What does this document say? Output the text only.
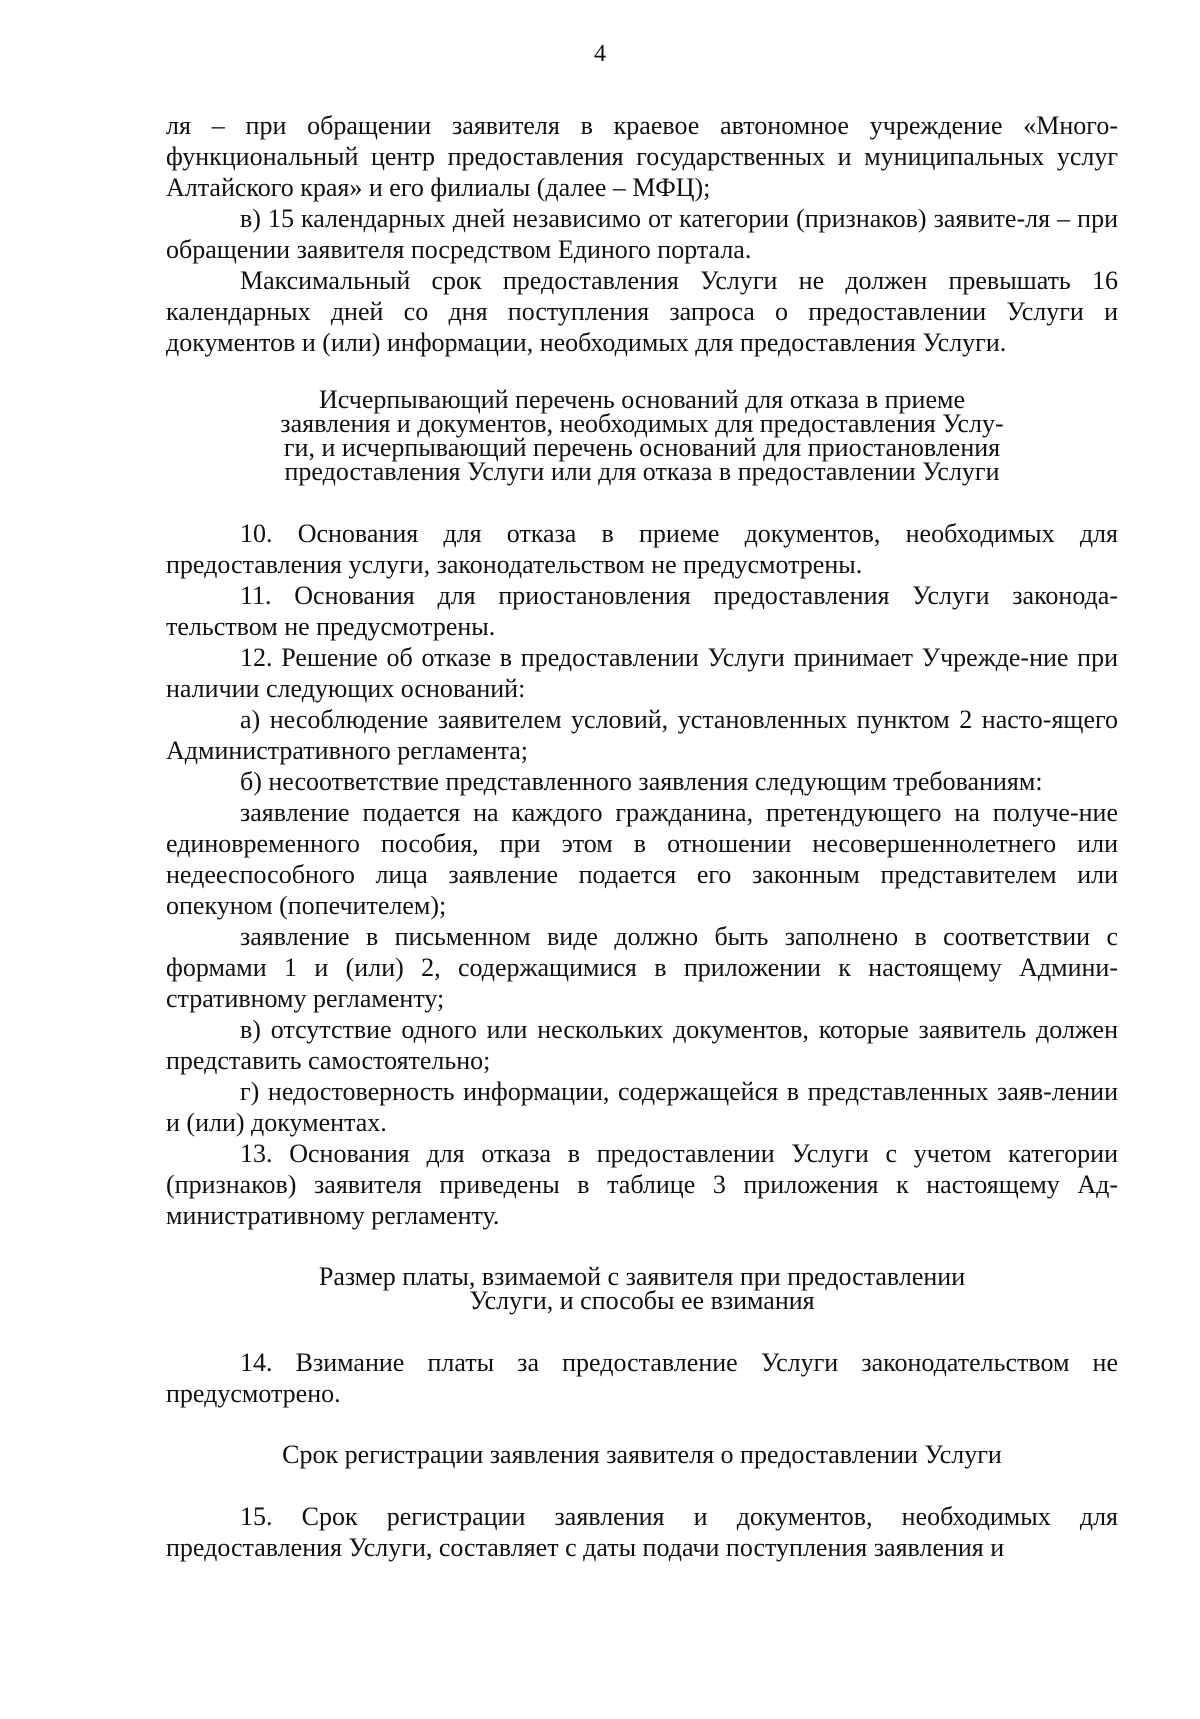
4

ля – при обращении заявителя в краевое автономное учреждение «Много-функциональный центр предоставления государственных и муниципальных услуг Алтайского края» и его филиалы (далее – МФЦ);

в) 15 календарных дней независимо от категории (признаков) заявите-ля – при обращении заявителя посредством Единого портала.

Максимальный срок предоставления Услуги не должен превышать 16 календарных дней со дня поступления запроса о предоставлении Услуги и документов и (или) информации, необходимых для предоставления Услуги.

Исчерпывающий перечень оснований для отказа в приеме
заявления и документов, необходимых для предоставления Услу-
ги, и исчерпывающий перечень оснований для приостановления
предоставления Услуги или для отказа в предоставлении Услуги

10. Основания для отказа в приеме документов, необходимых для предоставления услуги, законодательством не предусмотрены.

11. Основания для приостановления предоставления Услуги законода-тельством не предусмотрены.

12. Решение об отказе в предоставлении Услуги принимает Учрежде-ние при наличии следующих оснований:

а) несоблюдение заявителем условий, установленных пунктом 2 насто-ящего Административного регламента;

б) несоответствие представленного заявления следующим требованиям:

заявление подается на каждого гражданина, претендующего на получе-ние единовременного пособия, при этом в отношении несовершеннолетнего или недееспособного лица заявление подается его законным представителем или опекуном (попечителем);

заявление в письменном виде должно быть заполнено в соответствии с формами 1 и (или) 2, содержащимися в приложении к настоящему Админи-стративному регламенту;

в) отсутствие одного или нескольких документов, которые заявитель должен представить самостоятельно;

г) недостоверность информации, содержащейся в представленных заяв-лении и (или) документах.

13. Основания для отказа в предоставлении Услуги с учетом категории (признаков) заявителя приведены в таблице 3 приложения к настоящему Ад-министративному регламенту.

Размер платы, взимаемой с заявителя при предоставлении
Услуги, и способы ее взимания

14. Взимание платы за предоставление Услуги законодательством не предусмотрено.

Срок регистрации заявления заявителя о предоставлении Услуги

15. Срок регистрации заявления и документов, необходимых для предоставления Услуги, составляет с даты подачи поступления заявления и
